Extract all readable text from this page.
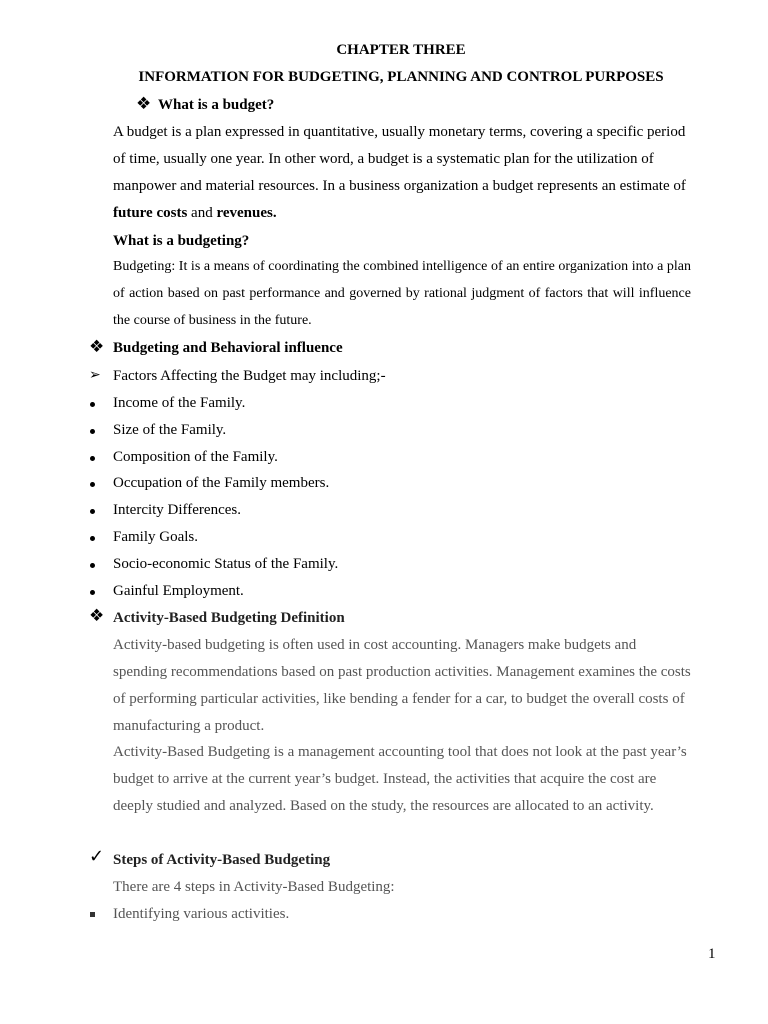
CHAPTER THREE
INFORMATION FOR BUDGETING, PLANNING AND CONTROL PURPOSES
❖ What is a budget?

A budget is a plan expressed in quantitative, usually monetary terms, covering a specific period of time, usually one year. In other word, a budget is a systematic plan for the utilization of manpower and material resources. In a business organization a budget represents an estimate of future costs and revenues.

What is a budgeting?
Budgeting: It is a means of coordinating the combined intelligence of an entire organization into a plan of action based on past performance and governed by rational judgment of factors that will influence the course of business in the future.
❖ Budgeting and Behavioral influence
➢ Factors Affecting the Budget may including;-
Income of the Family.
Size of the Family.
Composition of the Family.
Occupation of the Family members.
Intercity Differences.
Family Goals.
Socio-economic Status of the Family.
Gainful Employment.
❖ Activity-Based Budgeting Definition
Activity-based budgeting is often used in cost accounting. Managers make budgets and spending recommendations based on past production activities. Management examines the costs of performing particular activities, like bending a fender for a car, to budget the overall costs of manufacturing a product.
Activity-Based Budgeting is a management accounting tool that does not look at the past year’s budget to arrive at the current year’s budget. Instead, the activities that acquire the cost are deeply studied and analyzed. Based on the study, the resources are allocated to an activity.
✓ Steps of Activity-Based Budgeting
There are 4 steps in Activity-Based Budgeting:
Identifying various activities.
1
